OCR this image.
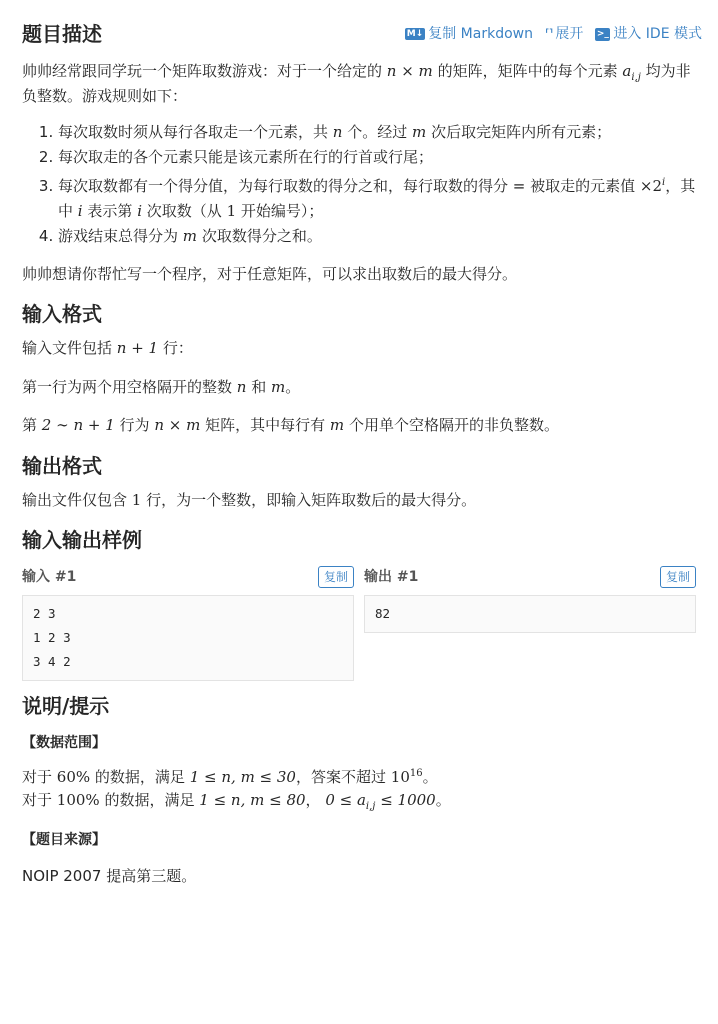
题目描述	M↓ 复制 Markdown ⸢⸣ 展开 >_ 进入 IDE 模式

帅帅经常跟同学玩一个矩阵取数游戏：对于一个给定的 n × m 的矩阵，矩阵中的每个元素 $a_{i,j}$ 均为非负整数。游戏规则如下：

1. 每次取数时须从每行各取走一个元素，共 n 个。经过 m 次后取完矩阵内所有元素；
2. 每次取走的各个元素只能是该元素所在行的行首或行尾；
3. 每次取数都有一个得分值，为每行取数的得分之和，每行取数的得分 = 被取走的元素值 $\times 2^i$，其中 i 表示第 i 次取数（从 1 开始编号）；
4. 游戏结束总得分为 m 次取数得分之和。

帅帅想请你帮忙写一个程序，对于任意矩阵，可以求出取数后的最大得分。

输入格式

输入文件包括 n + 1 行：

第一行为两个用空格隔开的整数 n 和 m。

第 2 ∼ n + 1 行为 n × m 矩阵，其中每行有 m 个用单个空格隔开的非负整数。

输出格式

输出文件仅包含 1 行，为一个整数，即输入矩阵取数后的最大得分。

输入输出样例
输入 #1	复制
2 3
1 2 3
3 4 2
输出 #1	复制
82
说明/提示

【数据范围】

对于 60% 的数据，满足 1 ≤ n, m ≤ 30，答案不超过 $10^{16}$。

对于 100% 的数据，满足 1 ≤ n, m ≤ 80， $0 \le a_{i,j} \le 1000$。

【题目来源】

NOIP 2007 提高第三题。
